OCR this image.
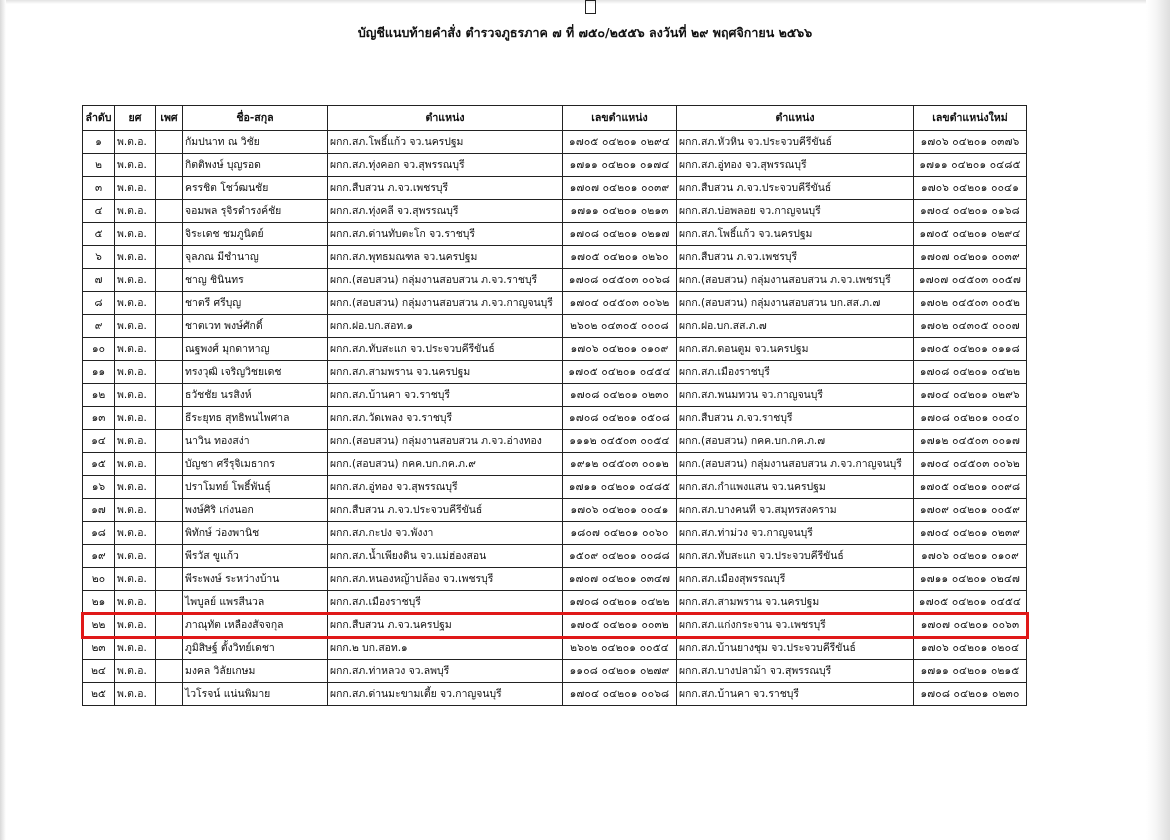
บัญชีแนบท้ายคำสั่ง ตำรวจภูธรภาค ๗ ที่ ๗๕๐/๒๕๕๖ ลงวันที่ ๒๙ พฤศจิกายน ๒๕๖๖
ลำดับ	ยศ	เพศ	ชื่อ-สกุล	ตำแหน่ง	เลขตำแหน่ง	ตำแหน่ง	เลขตำแหน่งใหม่
๑	พ.ต.อ.		กัมปนาท ณ วิชัย	ผกก.สภ.โพธิ์แก้ว จว.นครปฐม	๑๗๐๕ ๐๔๒๐๑ ๐๒๙๔	ผกก.สภ.หัวหิน จว.ประจวบคีรีขันธ์	๑๗๐๖ ๐๔๒๐๑ ๐๓๗๖
๒	พ.ต.อ.		กิตติพงษ์ บุญรอด	ผกก.สภ.ทุ่งคอก จว.สุพรรณบุรี	๑๗๑๑ ๐๔๒๐๑ ๐๑๗๔	ผกก.สภ.อู่ทอง จว.สุพรรณบุรี	๑๗๑๑ ๐๔๒๐๑ ๐๔๘๕
๓	พ.ต.อ.		ครรชิต โชว์ฒนชัย	ผกก.สืบสวน ภ.จว.เพชรบุรี	๑๗๐๗ ๐๔๒๐๑ ๐๐๓๙	ผกก.สืบสวน ภ.จว.ประจวบคีรีขันธ์	๑๗๐๖ ๐๔๒๐๑ ๐๐๔๑
๔	พ.ต.อ.		จอมพล รุจิรดำรงค์ชัย	ผกก.สภ.ทุ่งคลี จว.สุพรรณบุรี	๑๗๑๑ ๐๔๒๐๑ ๐๒๑๓	ผกก.สภ.บ่อพลอย จว.กาญจนบุรี	๑๗๐๔ ๐๔๒๐๑ ๐๑๖๘
๕	พ.ต.อ.		จิระเดช ชมภูนิตย์	ผกก.สภ.ด่านทับตะโก จว.ราชบุรี	๑๗๐๘ ๐๔๒๐๑ ๐๒๑๗	ผกก.สภ.โพธิ์แก้ว จว.นครปฐม	๑๗๐๕ ๐๔๒๐๑ ๐๒๙๔
๖	พ.ต.อ.		จุลภณ มีชำนาญ	ผกก.สภ.พุทธมณฑล จว.นครปฐม	๑๗๐๕ ๐๔๒๐๑ ๐๒๖๐	ผกก.สืบสวน ภ.จว.เพชรบุรี	๑๗๐๗ ๐๔๒๐๑ ๐๐๓๙
๗	พ.ต.อ.		ชาญ ชินินทร	ผกก.(สอบสวน) กลุ่มงานสอบสวน ภ.จว.ราชบุรี	๑๗๐๘ ๐๔๕๐๓ ๐๐๖๘	ผกก.(สอบสวน) กลุ่มงานสอบสวน ภ.จว.เพชรบุรี	๑๗๐๗ ๐๔๕๐๓ ๐๐๕๗
๘	พ.ต.อ.		ชาตรี ศรีบุญ	ผกก.(สอบสวน) กลุ่มงานสอบสวน ภ.จว.กาญจนบุรี	๑๗๐๔ ๐๔๕๐๓ ๐๐๖๒	ผกก.(สอบสวน) กลุ่มงานสอบสวน บก.สส.ภ.๗	๑๗๐๒ ๐๔๕๐๓ ๐๐๕๒
๙	พ.ต.อ.		ชาตเวท พงษ์ศักดิ์	ผกก.ฝอ.บก.สอท.๑	๒๖๐๒ ๐๔๓๐๕ ๐๐๐๘	ผกก.ฝอ.บก.สส.ภ.๗	๑๗๐๒ ๐๔๓๐๕ ๐๐๐๗
๑๐	พ.ต.อ.		ณฐพงศ์ มุกดาหาญ	ผกก.สภ.ทับสะแก จว.ประจวบคีรีขันธ์	๑๗๐๖ ๐๔๒๐๑ ๐๑๐๙	ผกก.สภ.ดอนตูม จว.นครปฐม	๑๗๐๕ ๐๔๒๐๑ ๐๑๑๘
๑๑	พ.ต.อ.		ทรงวุฒิ เจริญวิชยเดช	ผกก.สภ.สามพราน จว.นครปฐม	๑๗๐๕ ๐๔๒๐๑ ๐๔๕๔	ผกก.สภ.เมืองราชบุรี	๑๗๐๘ ๐๔๒๐๑ ๐๔๒๒
๑๒	พ.ต.อ.		ธวัชชัย นรสิงห์	ผกก.สภ.บ้านคา จว.ราชบุรี	๑๗๐๘ ๐๔๒๐๑ ๐๒๓๐	ผกก.สภ.พนมทวน จว.กาญจนบุรี	๑๗๐๔ ๐๔๒๐๑ ๐๒๙๖
๑๓	พ.ต.อ.		ธีระยุทธ สุทธิพนไพศาล	ผกก.สภ.วัดเพลง จว.ราชบุรี	๑๗๐๘ ๐๔๒๐๑ ๐๕๐๘	ผกก.สืบสวน ภ.จว.ราชบุรี	๑๗๐๘ ๐๔๒๐๑ ๐๐๔๐
๑๔	พ.ต.อ.		นาวิน ทองสง่า	ผกก.(สอบสวน) กลุ่มงานสอบสวน ภ.จว.อ่างทอง	๑๑๑๒ ๐๔๕๐๓ ๐๐๕๔	ผกก.(สอบสวน) กคค.บก.กค.ภ.๗	๑๗๑๒ ๐๔๕๐๓ ๐๐๑๗
๑๕	พ.ต.อ.		บัญชา ศรีรุจิเมธากร	ผกก.(สอบสวน) กคค.บก.กค.ภ.๙	๑๙๑๒ ๐๔๕๐๓ ๐๐๑๒	ผกก.(สอบสวน) กลุ่มงานสอบสวน ภ.จว.กาญจนบุรี	๑๗๐๔ ๐๔๕๐๓ ๐๐๖๒
๑๖	พ.ต.อ.		ปราโมทย์ โพธิ์พันธุ์	ผกก.สภ.อู่ทอง จว.สุพรรณบุรี	๑๗๑๑ ๐๔๒๐๑ ๐๔๘๕	ผกก.สภ.กำแพงแสน จว.นครปฐม	๑๗๐๕ ๐๔๒๐๑ ๐๐๙๘
๑๗	พ.ต.อ.		พงษ์ศิริ เก่งนอก	ผกก.สืบสวน ภ.จว.ประจวบคีรีขันธ์	๑๗๐๖ ๐๔๒๐๑ ๐๐๔๑	ผกก.สภ.บางคนที จว.สมุทรสงคราม	๑๗๐๙ ๐๔๒๐๑ ๐๐๕๙
๑๘	พ.ต.อ.		พิทักษ์ ว่องพานิช	ผกก.สภ.กะปง จว.พังงา	๑๘๐๗ ๐๔๒๐๑ ๐๐๖๐	ผกก.สภ.ท่าม่วง จว.กาญจนบุรี	๑๗๐๔ ๐๔๒๐๑ ๐๒๓๙
๑๙	พ.ต.อ.		พีรวัส ขูแก้ว	ผกก.สภ.น้ำเพียงดิน จว.แม่ฮ่องสอน	๑๕๐๙ ๐๔๒๐๑ ๐๐๘๘	ผกก.สภ.ทับสะแก จว.ประจวบคีรีขันธ์	๑๗๐๖ ๐๔๒๐๑ ๐๑๐๙
๒๐	พ.ต.อ.		พีระพงษ์ ระหว่างบ้าน	ผกก.สภ.หนองหญ้าปล้อง จว.เพชรบุรี	๑๗๐๗ ๐๔๒๐๑ ๐๓๔๗	ผกก.สภ.เมืองสุพรรณบุรี	๑๗๑๑ ๐๔๒๐๑ ๐๒๔๗
๒๑	พ.ต.อ.		ไพบูลย์ แพรสีนวล	ผกก.สภ.เมืองราชบุรี	๑๗๐๘ ๐๔๒๐๑ ๐๔๒๒	ผกก.สภ.สามพราน จว.นครปฐม	๑๗๐๕ ๐๔๒๐๑ ๐๔๕๔
๒๒	พ.ต.อ.		ภาณุทัต เหลืองสัจจกุล	ผกก.สืบสวน ภ.จว.นครปฐม	๑๗๐๕ ๐๔๒๐๑ ๐๐๓๒	ผกก.สภ.แก่งกระจาน จว.เพชรบุรี	๑๗๐๗ ๐๔๒๐๑ ๐๐๖๓
๒๓	พ.ต.อ.		ภูมิสิษฐ์ ตั้งวิทย์เดชา	ผกก.๒ บก.สอท.๑	๒๖๐๒ ๐๔๒๐๑ ๐๐๕๔	ผกก.สภ.บ้านยางชุม จว.ประจวบคีรีขันธ์	๑๗๐๖ ๐๔๒๐๑ ๐๒๐๔
๒๔	พ.ต.อ.		มงคล วิลัยเกษม	ผกก.สภ.ท่าหลวง จว.ลพบุรี	๑๑๐๘ ๐๔๒๐๑ ๐๒๗๙	ผกก.สภ.บางปลาม้า จว.สุพรรณบุรี	๑๗๑๑ ๐๔๒๐๑ ๐๒๑๕
๒๕	พ.ต.อ.		ไวโรจน์ แน่นพิมาย	ผกก.สภ.ด่านมะขามเตี้ย จว.กาญจนบุรี	๑๗๐๔ ๐๔๒๐๑ ๐๐๖๘	ผกก.สภ.บ้านคา จว.ราชบุรี	๑๗๐๘ ๐๔๒๐๑ ๐๒๓๐
